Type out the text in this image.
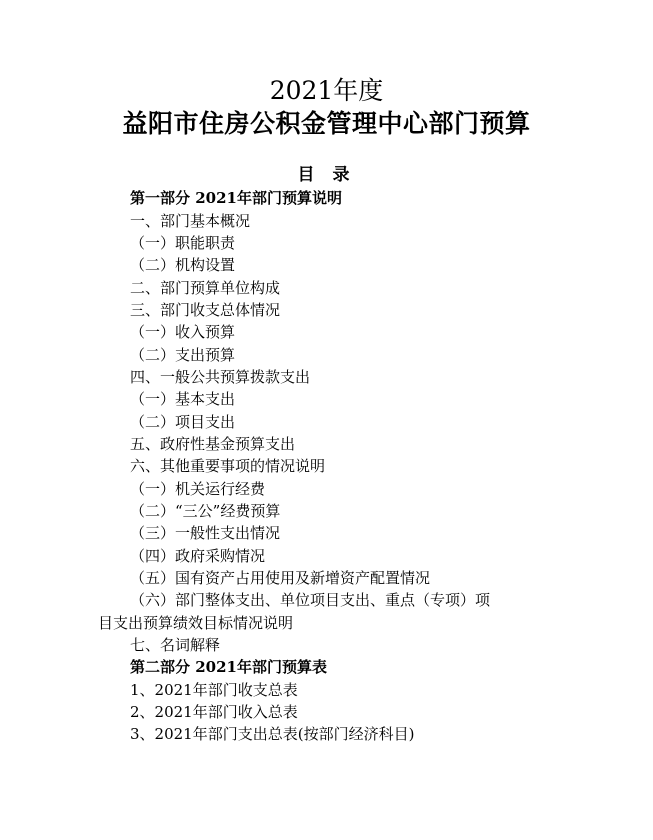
2021年度
益阳市住房公积金管理中心部门预算
目 录
第一部分 2021年部门预算说明
一、部门基本概况
（一）职能职责
（二）机构设置
二、部门预算单位构成
三、部门收支总体情况
（一）收入预算
（二）支出预算
四、一般公共预算拨款支出
（一）基本支出
（二）项目支出
五、政府性基金预算支出
六、其他重要事项的情况说明
（一）机关运行经费
（二）“三公”经费预算
（三）一般性支出情况
（四）政府采购情况
（五）国有资产占用使用及新增资产配置情况
（六）部门整体支出、单位项目支出、重点（专项）项
目支出预算绩效目标情况说明
七、名词解释
第二部分 2021年部门预算表
1、2021年部门收支总表
2、2021年部门收入总表
3、2021年部门支出总表(按部门经济科目)
